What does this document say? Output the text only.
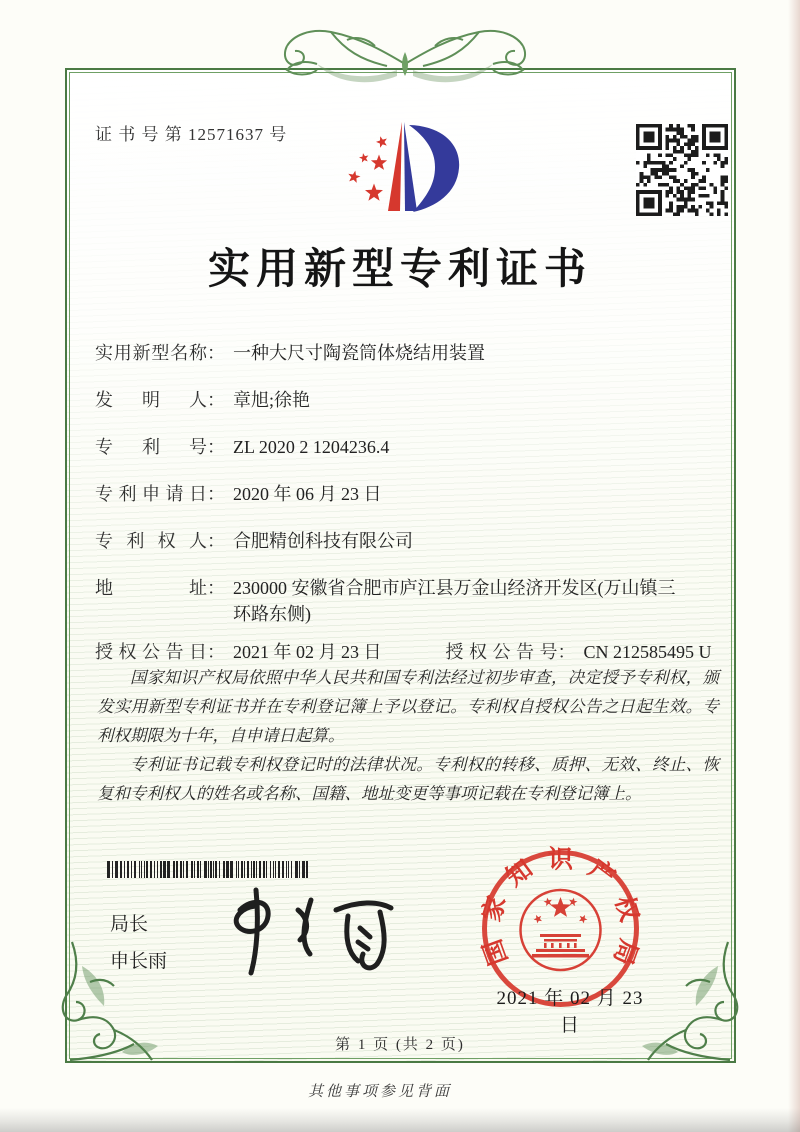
证 书 号 第 12571637 号
实用新型专利证书
实用新型名称 ： 一种大尺寸陶瓷筒体烧结用装置
发明人 ： 章旭;徐艳
专利号 ： ZL 2020 2 1204236.4
专利申请日 ： 2020 年 06 月 23 日
专利权人 ： 合肥精创科技有限公司
地址 ： 230000 安徽省合肥市庐江县万金山经济开发区(万山镇三环路东侧)
授权公告日 ： 2021 年 02 月 23 日	授权公告号 ： CN 212585495 U

国家知识产权局依照中华人民共和国专利法经过初步审查，决定授予专利权，颁发实用新型专利证书并在专利登记簿上予以登记。专利权自授权公告之日起生效。专利权期限为十年，自申请日起算。

专利证书记载专利权登记时的法律状况。专利权的转移、质押、无效、终止、恢复和专利权人的姓名或名称、国籍、地址变更等事项记载在专利登记簿上。

局长
申长雨	国
家
知 识 产
权
局
2021 年 02 月 23 日
第 1 页 (共 2 页)
其他事项参见背面
